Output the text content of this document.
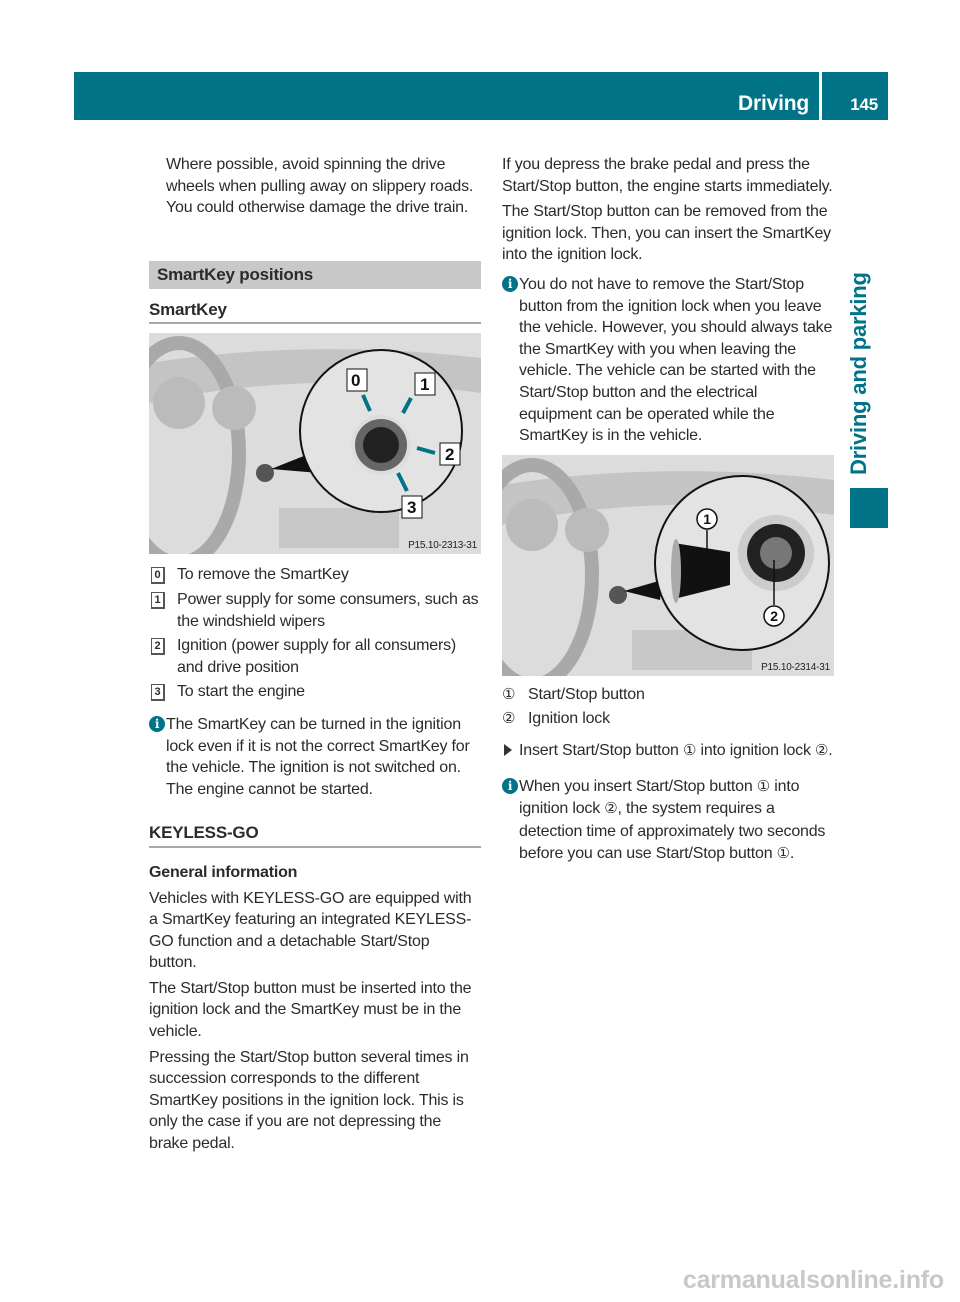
Driving	145
Driving and parking

Where possible, avoid spinning the drive wheels when pulling away on slippery roads. You could otherwise damage the drive train.

SmartKey positions
SmartKey
0	1
2
3
P15.10-2313-31
0 To remove the SmartKey
1 Power supply for some consumers, such as the windshield wipers
2 Ignition (power supply for all consumers) and drive position
3 To start the engine
i The SmartKey can be turned in the ignition lock even if it is not the correct SmartKey for the vehicle. The ignition is not switched on. The engine cannot be started.
KEYLESS-GO

General information

Vehicles with KEYLESS-GO are equipped with a SmartKey featuring an integrated KEYLESS-GO function and a detachable Start/Stop button.

The Start/Stop button must be inserted into the ignition lock and the SmartKey must be in the vehicle.

Pressing the Start/Stop button several times in succession corresponds to the different SmartKey positions in the ignition lock. This is only the case if you are not depressing the brake pedal.

If you depress the brake pedal and press the Start/Stop button, the engine starts immediately.

The Start/Stop button can be removed from the ignition lock. Then, you can insert the SmartKey into the ignition lock.

i You do not have to remove the Start/Stop button from the ignition lock when you leave the vehicle. However, you should always take the SmartKey with you when leaving the vehicle. The vehicle can be started with the Start/Stop button and the electrical equipment can be operated while the SmartKey is in the vehicle.
1
2
P15.10-2314-31
① Start/Stop button
② Ignition lock
Insert Start/Stop button ① into ignition lock ②.
i When you insert Start/Stop button ① into ignition lock ②, the system requires a detection time of approximately two seconds before you can use Start/Stop button ①.
carmanualsonline.info
